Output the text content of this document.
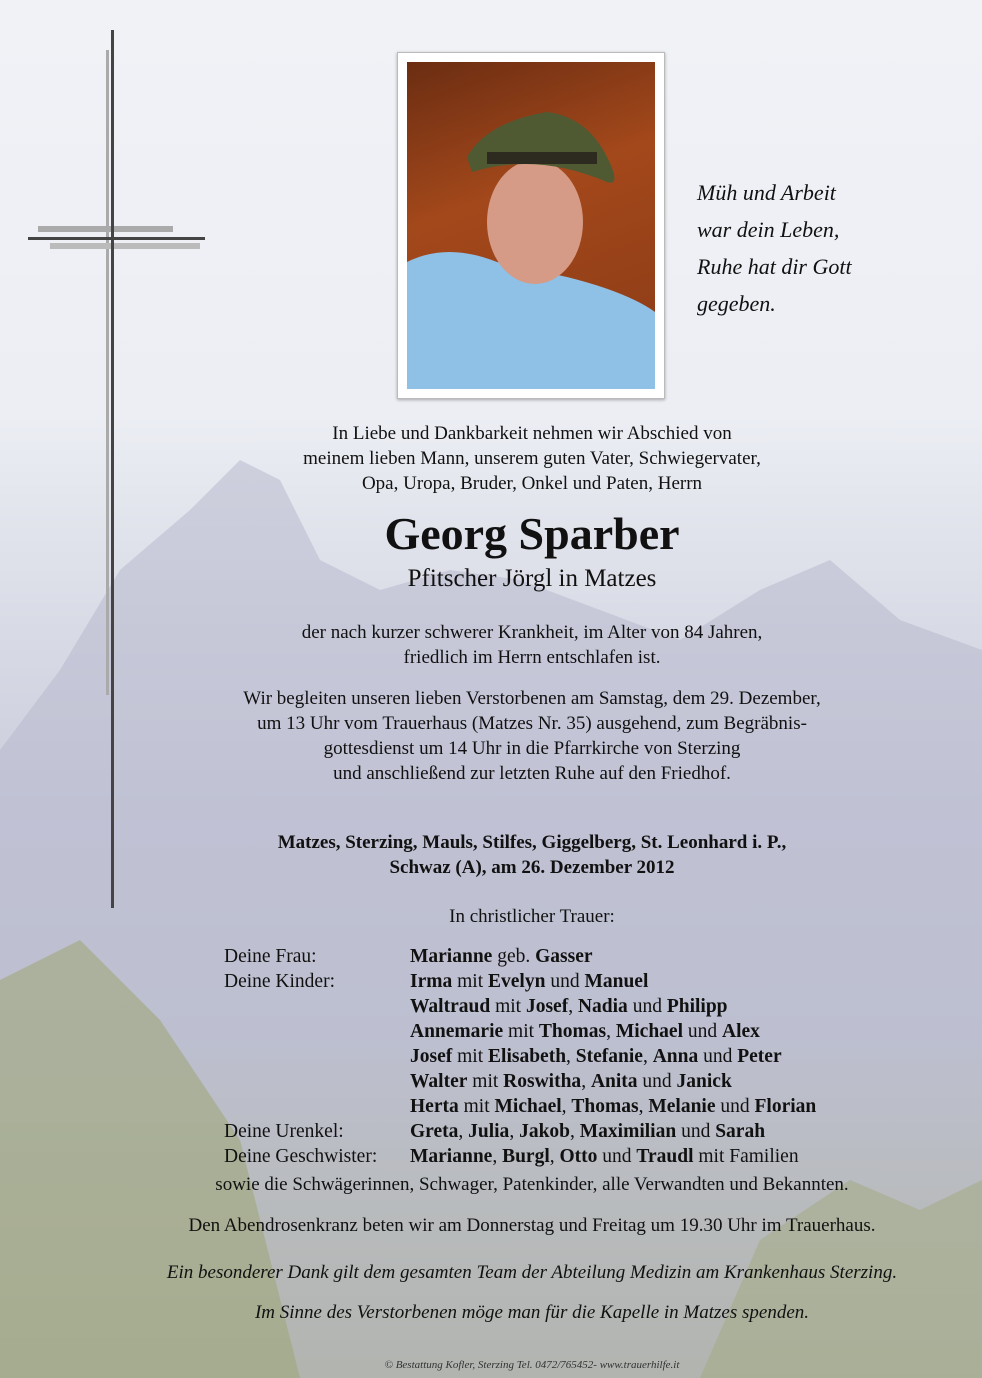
Müh und Arbeit
war dein Leben,
Ruhe hat dir Gott
gegeben.
In Liebe und Dankbarkeit nehmen wir Abschied von
meinem lieben Mann, unserem guten Vater, Schwiegervater,
Opa, Uropa, Bruder, Onkel und Paten, Herrn
Georg Sparber
Pfitscher Jörgl in Matzes
der nach kurzer schwerer Krankheit, im Alter von 84 Jahren,
friedlich im Herrn entschlafen ist.
Wir begleiten unseren lieben Verstorbenen am Samstag, dem 29. Dezember,
um 13 Uhr vom Trauerhaus (Matzes Nr. 35) ausgehend, zum Begräbnis-
gottesdienst um 14 Uhr in die Pfarrkirche von Sterzing
und anschließend zur letzten Ruhe auf den Friedhof.
Matzes, Sterzing, Mauls, Stilfes, Giggelberg, St. Leonhard i. P.,
Schwaz (A), am 26. Dezember 2012
In christlicher Trauer:
Deine Frau:	Marianne geb. Gasser
Deine Kinder:	Irma mit Evelyn und Manuel
Waltraud mit Josef, Nadia und Philipp
Annemarie mit Thomas, Michael und Alex
Josef mit Elisabeth, Stefanie, Anna und Peter
Walter mit Roswitha, Anita und Janick
Herta mit Michael, Thomas, Melanie und Florian
Deine Urenkel:	Greta, Julia, Jakob, Maximilian und Sarah
Deine Geschwister:	Marianne, Burgl, Otto und Traudl mit Familien
sowie die Schwägerinnen, Schwager, Patenkinder, alle Verwandten und Bekannten.
Den Abendrosenkranz beten wir am Donnerstag und Freitag um 19.30 Uhr im Trauerhaus.
Ein besonderer Dank gilt dem gesamten Team der Abteilung Medizin am Krankenhaus Sterzing.
Im Sinne des Verstorbenen möge man für die Kapelle in Matzes spenden.
© Bestattung Kofler, Sterzing Tel. 0472/765452- www.trauerhilfe.it
